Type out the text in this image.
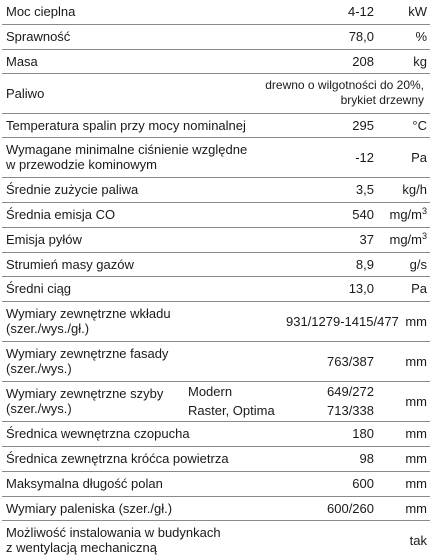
Moc cieplna		4-12	kW
Sprawność		78,0	%
Masa		208	kg
Paliwo	drewno o wilgotności do 20%,
brykiet drzewny		

Temperatura spalin przy mocy nominalnej		295	°C

Wymagane minimalne ciśnienie względne
w przewodzie kominowym		-12	Pa
Średnie zużycie paliwa		3,5	kg/h
Średnia emisja CO		540	$mg/m^3$
Emisja pyłów		37	$mg/m^3$
Strumień masy gazów		8,9	g/s
Średni ciąg		13,0	Pa

Wymiary zewnętrzne wkładu
(szer./wys./gł.)		931/1279-1415/477	mm

Wymiary zewnętrzne fasady
(szer./wys.)		763/387	mm

Wymiary zewnętrzne szyby
(szer./wys.)	Modern	649/272	mm
	Raster, Optima	713/338	
Średnica wewnętrzna czopucha		180	mm
Średnica zewnętrzna króćca powietrza		98	mm
Maksymalna długość polan		600	mm
Wymiary paleniska (szer./gł.)		600/260	mm

Możliwość instalowania w budynkach
z wentylacją mechaniczną			tak
